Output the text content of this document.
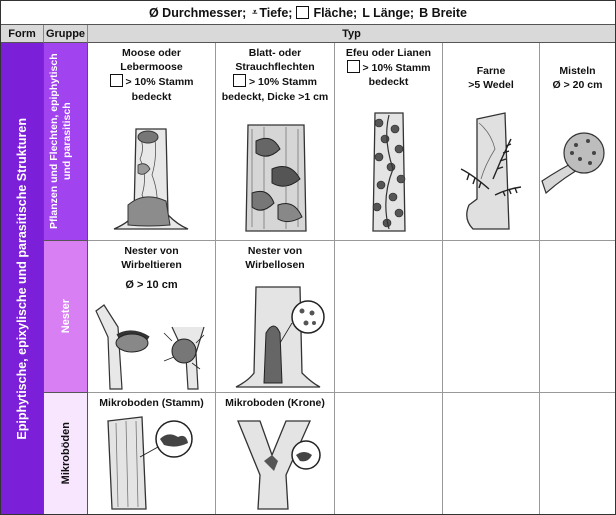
Ø Durchmesser; ⩡ Tiefe; Fläche; L Länge; B Breite
Form Gruppe	Typ
Epiphytische, epixylische und parasitische Strukturen Pflanzen und Flechten, epiphytisch und parasitisch
Nester
Mikroböden
Moose oder
Lebermoose
> 10% Stamm
bedeckt
Blatt- oder
Strauchflechten
> 10% Stamm
bedeckt, Dicke >1 cm
Efeu oder Lianen
> 10% Stamm
bedeckt
Farne
>5 Wedel
Misteln
Ø > 20 cm
Nester von
Wirbeltieren
Ø > 10 cm
Nester von
Wirbellosen
Mikroboden (Stamm)	Mikroboden (Krone)
